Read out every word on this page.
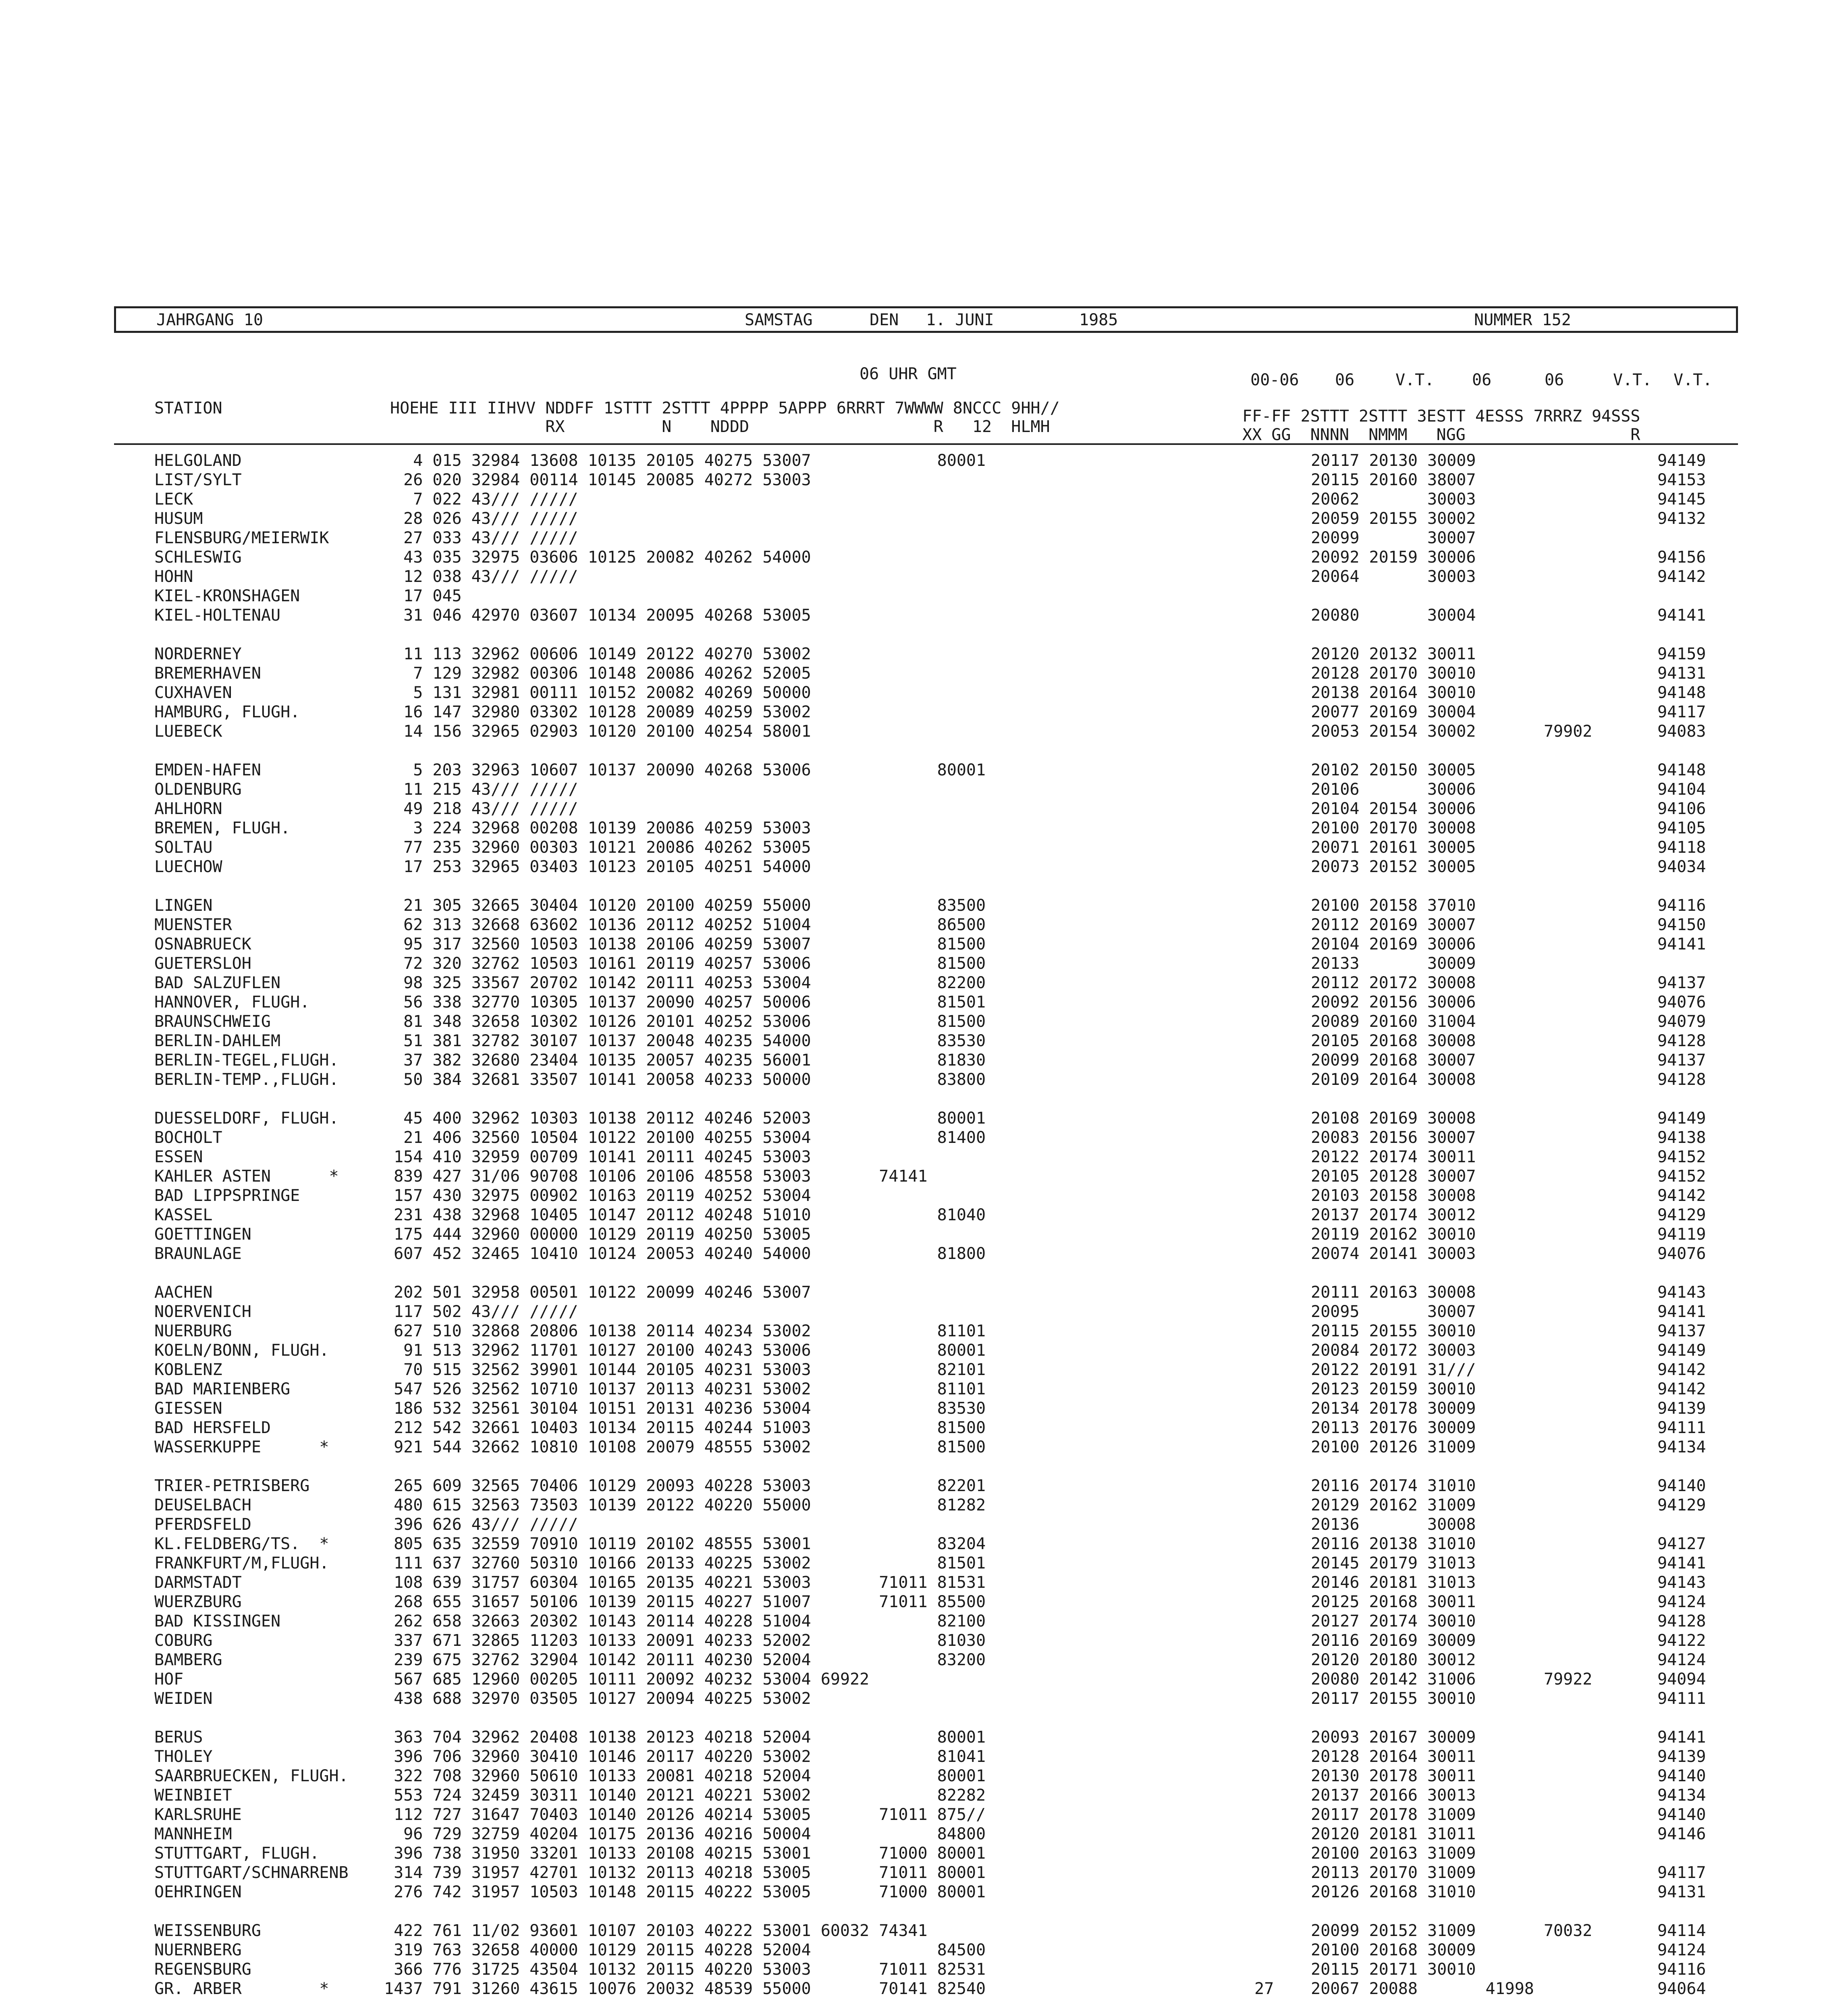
JAHRGANG 10	SAMSTAG	DEN 1. JUNI	1985	NUMMER 152
06 UHR GMT	00-06 06	V.T. 06	06	V.T. V.T.
STATION	HOEHE III IIHVV NDDFF 1STTT 2STTT 4PPPP 5APPP 6RRRT 7WWWW 8NCCC 9HH//
RX          N    NDDD                   R   12  HLMH
FF-FF 2STTT 2STTT 3ESTT 4ESSS 7RRRZ 94SSS
XX GG  NNNN  NMMM   NGG                 R
HELGOLAND	4 015 32984 13608 10135 20105 40275 53007             80001	20117 20130 30009	94149
LIST/SYLT	26 020 32984 00114 10145 20085 40272 53003	20115 20160 38007	94153
LECK	7 022 43/// /////	20062       30003	94145
HUSUM	28 026 43/// /////	20059 20155 30002	94132
FLENSBURG/MEIERWIK	27 033 43/// /////	20099       30007
SCHLESWIG	43 035 32975 03606 10125 20082 40262 54000	20092 20159 30006	94156
HOHN	12 038 43/// /////	20064       30003	94142
KIEL-KRONSHAGEN	17 045
KIEL-HOLTENAU	31 046 42970 03607 10134 20095 40268 53005	20080       30004	94141
NORDERNEY	11 113 32962 00606 10149 20122 40270 53002	20120 20132 30011	94159
BREMERHAVEN	7 129 32982 00306 10148 20086 40262 52005	20128 20170 30010	94131
CUXHAVEN	5 131 32981 00111 10152 20082 40269 50000	20138 20164 30010	94148
HAMBURG, FLUGH.	16 147 32980 03302 10128 20089 40259 53002	20077 20169 30004	94117
LUEBECK	14 156 32965 02903 10120 20100 40254 58001	20053 20154 30002       79902	94083
EMDEN-HAFEN	5 203 32963 10607 10137 20090 40268 53006             80001	20102 20150 30005	94148
OLDENBURG	11 215 43/// /////	20106       30006	94104
AHLHORN	49 218 43/// /////	20104 20154 30006	94106
BREMEN, FLUGH.	3 224 32968 00208 10139 20086 40259 53003	20100 20170 30008	94105
SOLTAU	77 235 32960 00303 10121 20086 40262 53005	20071 20161 30005	94118
LUECHOW	17 253 32965 03403 10123 20105 40251 54000	20073 20152 30005	94034
LINGEN	21 305 32665 30404 10120 20100 40259 55000             83500	20100 20158 37010	94116
MUENSTER	62 313 32668 63602 10136 20112 40252 51004             86500	20112 20169 30007	94150
OSNABRUECK	95 317 32560 10503 10138 20106 40259 53007             81500	20104 20169 30006	94141
GUETERSLOH	72 320 32762 10503 10161 20119 40257 53006             81500	20133       30009
BAD SALZUFLEN	98 325 33567 20702 10142 20111 40253 53004             82200	20112 20172 30008	94137
HANNOVER, FLUGH.	56 338 32770 10305 10137 20090 40257 50006             81501	20092 20156 30006	94076
BRAUNSCHWEIG	81 348 32658 10302 10126 20101 40252 53006             81500	20089 20160 31004	94079
BERLIN-DAHLEM	51 381 32782 30107 10137 20048 40235 54000             83530	20105 20168 30008	94128
BERLIN-TEGEL,FLUGH.	37 382 32680 23404 10135 20057 40235 56001             81830	20099 20168 30007	94137
BERLIN-TEMP.,FLUGH.	50 384 32681 33507 10141 20058 40233 50000             83800	20109 20164 30008	94128
DUESSELDORF, FLUGH.	45 400 32962 10303 10138 20112 40246 52003             80001	20108 20169 30008	94149
BOCHOLT	21 406 32560 10504 10122 20100 40255 53004             81400	20083 20156 30007	94138
ESSEN	154 410 32959 00709 10141 20111 40245 53003	20122 20174 30011	94152
KAHLER ASTEN      *	839 427 31/06 90708 10106 20106 48558 53003       74141	20105 20128 30007	94152
BAD LIPPSPRINGE	157 430 32975 00902 10163 20119 40252 53004	20103 20158 30008	94142
KASSEL	231 438 32968 10405 10147 20112 40248 51010             81040	20137 20174 30012	94129
GOETTINGEN	175 444 32960 00000 10129 20119 40250 53005	20119 20162 30010	94119
BRAUNLAGE	607 452 32465 10410 10124 20053 40240 54000             81800	20074 20141 30003	94076
AACHEN	202 501 32958 00501 10122 20099 40246 53007	20111 20163 30008	94143
NOERVENICH	117 502 43/// /////	20095       30007	94141
NUERBURG	627 510 32868 20806 10138 20114 40234 53002             81101	20115 20155 30010	94137
KOELN/BONN, FLUGH.	91 513 32962 11701 10127 20100 40243 53006             80001	20084 20172 30003	94149
KOBLENZ	70 515 32562 39901 10144 20105 40231 53003             82101	20122 20191 31///	94142
BAD MARIENBERG	547 526 32562 10710 10137 20113 40231 53002             81101	20123 20159 30010	94142
GIESSEN	186 532 32561 30104 10151 20131 40236 53004             83530	20134 20178 30009	94139
BAD HERSFELD	212 542 32661 10403 10134 20115 40244 51003             81500	20113 20176 30009	94111
WASSERKUPPE      *	921 544 32662 10810 10108 20079 48555 53002             81500	20100 20126 31009	94134
TRIER-PETRISBERG	265 609 32565 70406 10129 20093 40228 53003             82201	20116 20174 31010	94140
DEUSELBACH	480 615 32563 73503 10139 20122 40220 55000             81282	20129 20162 31009	94129
PFERDSFELD	396 626 43/// /////	20136       30008
KL.FELDBERG/TS.  *	805 635 32559 70910 10119 20102 48555 53001             83204	20116 20138 31010	94127
FRANKFURT/M,FLUGH.	111 637 32760 50310 10166 20133 40225 53002             81501	20145 20179 31013	94141
DARMSTADT	108 639 31757 60304 10165 20135 40221 53003       71011 81531	20146 20181 31013	94143
WUERZBURG	268 655 31657 50106 10139 20115 40227 51007       71011 85500	20125 20168 30011	94124
BAD KISSINGEN	262 658 32663 20302 10143 20114 40228 51004             82100	20127 20174 30010	94128
COBURG	337 671 32865 11203 10133 20091 40233 52002             81030	20116 20169 30009	94122
BAMBERG	239 675 32762 32904 10142 20111 40230 52004             83200	20120 20180 30012	94124
HOF	567 685 12960 00205 10111 20092 40232 53004 69922	20080 20142 31006       79922	94094
WEIDEN	438 688 32970 03505 10127 20094 40225 53002	20117 20155 30010	94111
BERUS	363 704 32962 20408 10138 20123 40218 52004             80001	20093 20167 30009	94141
THOLEY	396 706 32960 30410 10146 20117 40220 53002             81041	20128 20164 30011	94139
SAARBRUECKEN, FLUGH. 322 708 32960 50610 10133 20081 40218 52004             80001	20130 20178 30011	94140
WEINBIET	553 724 32459 30311 10140 20121 40221 53002             82282	20137 20166 30013	94134
KARLSRUHE	112 727 31647 70403 10140 20126 40214 53005       71011 875//	20117 20178 31009	94140
MANNHEIM	96 729 32759 40204 10175 20136 40216 50004             84800	20120 20181 31011	94146
STUTTGART, FLUGH.	396 738 31950 33201 10133 20108 40215 53001       71000 80001	20100 20163 31009
STUTTGART/SCHNARRENB 314 739 31957 42701 10132 20113 40218 53005       71011 80001	20113 20170 31009	94117
OEHRINGEN	276 742 31957 10503 10148 20115 40222 53005       71000 80001	20126 20168 31010	94131
WEISSENBURG	422 761 11/02 93601 10107 20103 40222 53001 60032 74341	20099 20152 31009       70032	94114
NUERNBERG	319 763 32658 40000 10129 20115 40228 52004             84500	20100 20168 30009	94124
REGENSBURG	366 776 31725 43504 10132 20115 40220 53003       71011 82531	20115 20171 30010	94116
GR. ARBER        *	1437 791 31260 43615 10076 20032 48539 55000       70141 82540	27 20067 20088       41998	94064
